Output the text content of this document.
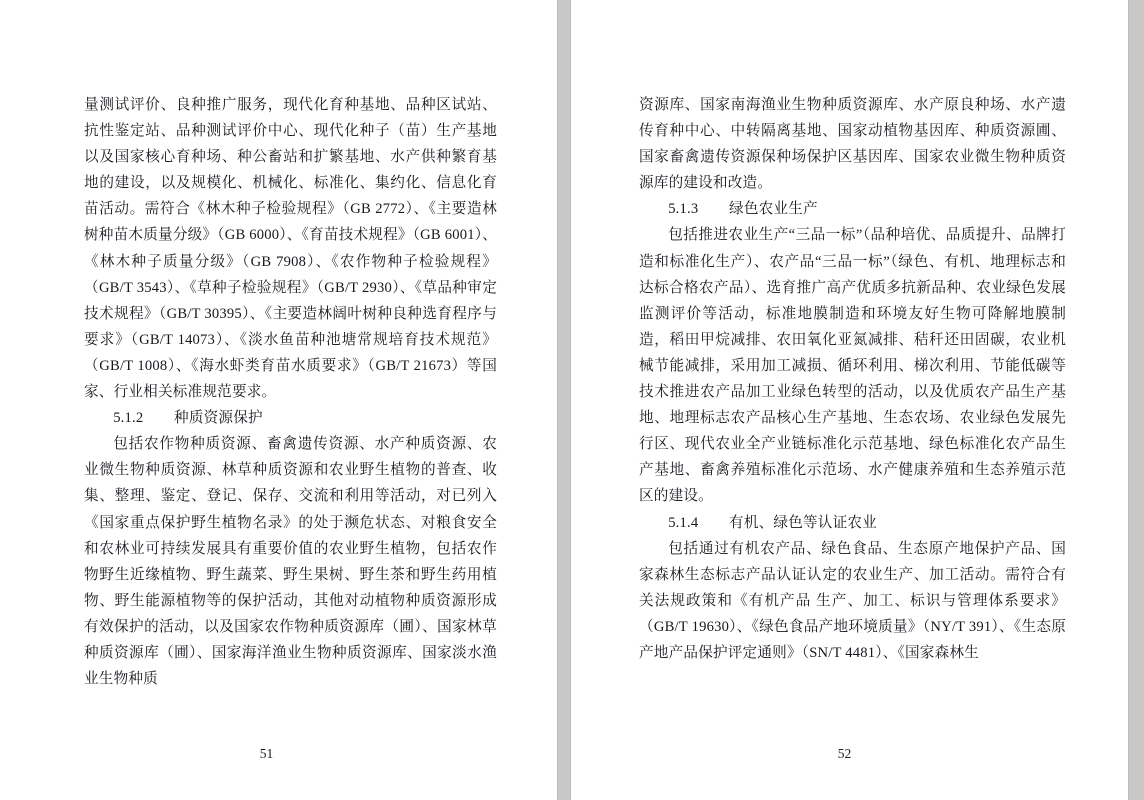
量测试评价、良种推广服务，现代化育种基地、品种区试站、抗性鉴定站、品种测试评价中心、现代化种子（苗）生产基地以及国家核心育种场、种公畜站和扩繁基地、水产供种繁育基地的建设，以及规模化、机械化、标准化、集约化、信息化育苗活动。需符合《林木种子检验规程》（GB 2772）、《主要造林树种苗木质量分级》（GB 6000）、《育苗技术规程》（GB 6001）、《林木种子质量分级》（GB 7908）、《农作物种子检验规程》（GB/T 3543）、《草种子检验规程》（GB/T 2930）、《草品种审定技术规程》（GB/T 30395）、《主要造林阔叶树种良种选育程序与要求》（GB/T 14073）、《淡水鱼苗种池塘常规培育技术规范》（GB/T 1008）、《海水虾类育苗水质要求》（GB/T 21673）等国家、行业相关标准规范要求。

5.1.2 种质资源保护

包括农作物种质资源、畜禽遗传资源、水产种质资源、农业微生物种质资源、林草种质资源和农业野生植物的普查、收集、整理、鉴定、登记、保存、交流和利用等活动，对已列入《国家重点保护野生植物名录》的处于濒危状态、对粮食安全和农林业可持续发展具有重要价值的农业野生植物，包括农作物野生近缘植物、野生蔬菜、野生果树、野生茶和野生药用植物、野生能源植物等的保护活动，其他对动植物种质资源形成有效保护的活动，以及国家农作物种质资源库（圃）、国家林草种质资源库（圃）、国家海洋渔业生物种质资源库、国家淡水渔业生物种质

51

资源库、国家南海渔业生物种质资源库、水产原良种场、水产遗传育种中心、中转隔离基地、国家动植物基因库、种质资源圃、国家畜禽遗传资源保种场保护区基因库、国家农业微生物种质资源库的建设和改造。

5.1.3 绿色农业生产

包括推进农业生产“三品一标”（品种培优、品质提升、品牌打造和标准化生产）、农产品“三品一标”（绿色、有机、地理标志和达标合格农产品）、选育推广高产优质多抗新品种、农业绿色发展监测评价等活动，标准地膜制造和环境友好生物可降解地膜制造，稻田甲烷减排、农田氧化亚氮减排、秸秆还田固碳，农业机械节能减排，采用加工减损、循环利用、梯次利用、节能低碳等技术推进农产品加工业绿色转型的活动，以及优质农产品生产基地、地理标志农产品核心生产基地、生态农场、农业绿色发展先行区、现代农业全产业链标准化示范基地、绿色标准化农产品生产基地、畜禽养殖标准化示范场、水产健康养殖和生态养殖示范区的建设。

5.1.4 有机、绿色等认证农业

包括通过有机农产品、绿色食品、生态原产地保护产品、国家森林生态标志产品认证认定的农业生产、加工活动。需符合有关法规政策和《有机产品 生产、加工、标识与管理体系要求》（GB/T 19630）、《绿色食品产地环境质量》（NY/T 391）、《生态原产地产品保护评定通则》（SN/T 4481）、《国家森林生

52
